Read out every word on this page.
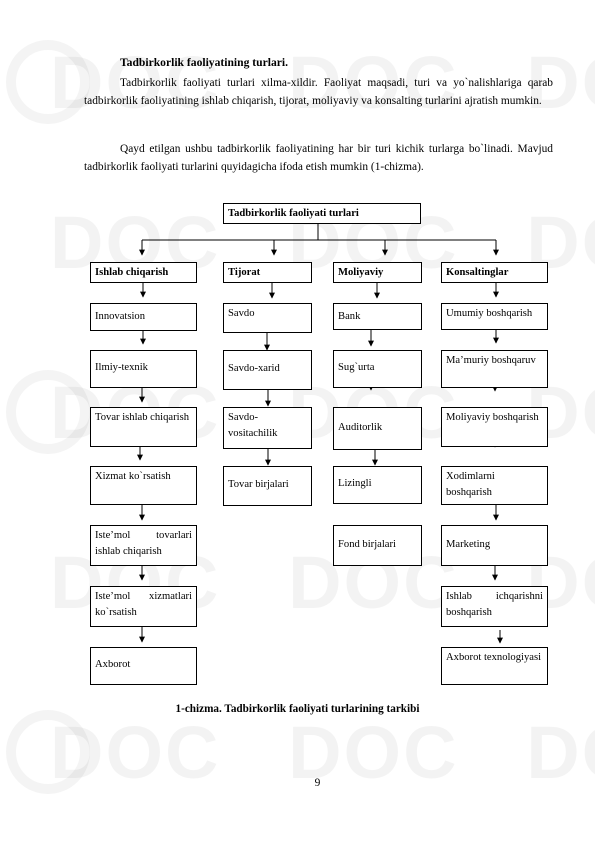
Tadbirkorlik faoliyatining turlari.
Tadbirkorlik faoliyati turlari xilma-xildir. Faoliyat maqsadi, turi va yo`nalishlariga qarab tadbirkorlik faoliyatining ishlab chiqarish, tijorat, moliyaviy va konsalting turlarini ajratish mumkin.
Qayd etilgan ushbu tadbirkorlik faoliyatining har bir turi kichik turlarga bo`linadi. Mavjud tadbirkorlik faoliyati turlarini quyidagicha ifoda etish mumkin (1-chizma).
Tadbirkorlik faoliyati turlari
Ishlab chiqarish	Tijorat	Moliyaviy	Konsaltinglar
Innovatsion
Ilmiy-texnik
Tovar ishlab chiqarish
Xizmat ko`rsatish
Iste’mol tovarlari ishlab chiqarish
Iste’mol xizmatlari ko`rsatish
Axborot
Savdo
Savdo-xarid
Savdo-vositachilik
Tovar birjalari
Bank
Sug`urta
Auditorlik
Lizingli
Fond birjalari
Umumiy boshqarish
Ma’muriy boshqaruv
Moliyaviy boshqarish
Xodimlarni boshqarish
Marketing
Ishlab ichqarishni boshqarish
Axborot texnologiyasi
1-chizma. Tadbirkorlik faoliyati turlarining tarkibi
9
